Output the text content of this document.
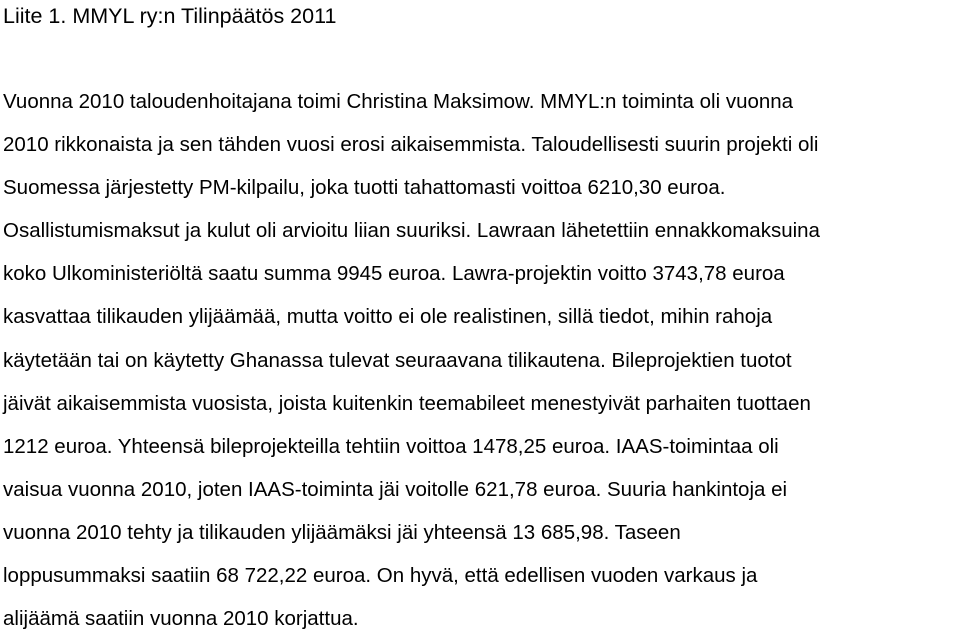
Liite 1. MMYL ry:n Tilinpäätös 2011

Vuonna 2010 taloudenhoitajana toimi Christina Maksimow. MMYL:n toiminta oli vuonna
2010 rikkonaista ja sen tähden vuosi erosi aikaisemmista. Taloudellisesti suurin projekti oli
Suomessa järjestetty PM-kilpailu, joka tuotti tahattomasti voittoa 6210,30 euroa.
Osallistumismaksut ja kulut oli arvioitu liian suuriksi. Lawraan lähetettiin ennakkomaksuina
koko Ulkoministeriöltä saatu summa 9945 euroa. Lawra-projektin voitto 3743,78 euroa
kasvattaa tilikauden ylijäämää, mutta voitto ei ole realistinen, sillä tiedot, mihin rahoja
käytetään tai on käytetty Ghanassa tulevat seuraavana tilikautena. Bileprojektien tuotot
jäivät aikaisemmista vuosista, joista kuitenkin teemabileet menestyivät parhaiten tuottaen
1212 euroa. Yhteensä bileprojekteilla tehtiin voittoa 1478,25 euroa. IAAS-toimintaa oli
vaisua vuonna 2010, joten IAAS-toiminta jäi voitolle 621,78 euroa. Suuria hankintoja ei
vuonna 2010 tehty ja tilikauden ylijäämäksi jäi yhteensä 13 685,98. Taseen
loppusummaksi saatiin 68 722,22 euroa. On hyvä, että edellisen vuoden varkaus ja
alijäämä saatiin vuonna 2010 korjattua.
